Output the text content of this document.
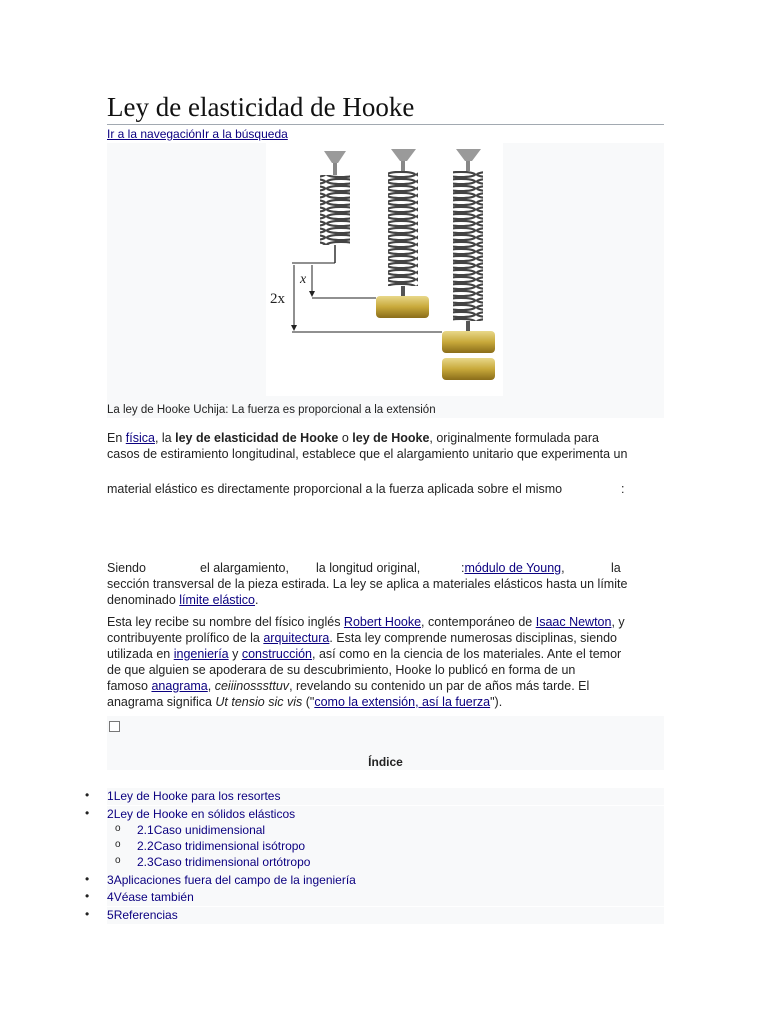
Ley de elasticidad de Hooke
Ir a la navegaciónIr a la búsqueda
x
2x
La ley de Hooke Uchija: La fuerza es proporcional a la extensión
En física, la ley de elasticidad de Hooke o ley de Hooke, originalmente formulada para
casos de estiramiento longitudinal, establece que el alargamiento unitario que experimenta un
material elástico es directamente proporcional a la fuerza aplicada sobre el mismo	:
Siendo	el alargamiento, la longitud original,	:módulo de Young,	la
sección transversal de la pieza estirada. La ley se aplica a materiales elásticos hasta un límite
denominado límite elástico.
Esta ley recibe su nombre del físico inglés Robert Hooke, contemporáneo de Isaac Newton, y
contribuyente prolífico de la arquitectura. Esta ley comprende numerosas disciplinas, siendo
utilizada en ingeniería y construcción, así como en la ciencia de los materiales. Ante el temor
de que alguien se apoderara de su descubrimiento, Hooke lo publicó en forma de un
famoso anagrama, ceiiinosssttuv, revelando su contenido un par de años más tarde. El
anagrama significa Ut tensio sic vis ("como la extensión, así la fuerza").
Índice
• 1Ley de Hooke para los resortes
• 2Ley de Hooke en sólidos elásticos
o 2.1Caso unidimensional
o 2.2Caso tridimensional isótropo
o 2.3Caso tridimensional ortótropo
• 3Aplicaciones fuera del campo de la ingeniería
• 4Véase también
• 5Referencias
